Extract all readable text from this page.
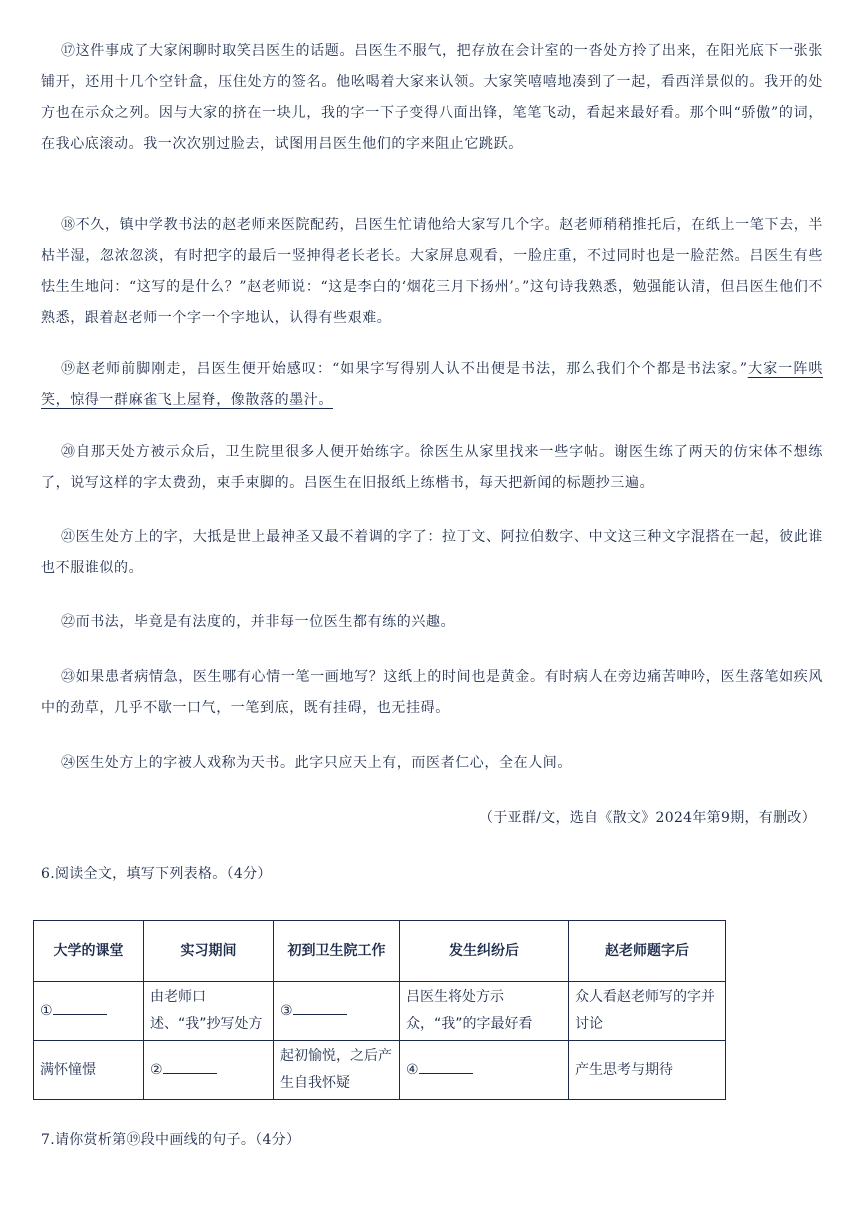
⑰这件事成了大家闲聊时取笑吕医生的话题。吕医生不服气，把存放在会计室的一沓处方拎了出来，在阳光底下一张张铺开，还用十几个空针盒，压住处方的签名。他吆喝着大家来认领。大家笑嘻嘻地凑到了一起，看西洋景似的。我开的处方也在示众之列。因与大家的挤在一块儿，我的字一下子变得八面出锋，笔笔飞动，看起来最好看。那个叫“骄傲”的词，在我心底滚动。我一次次别过脸去，试图用吕医生他们的字来阻止它跳跃。

⑱不久，镇中学教书法的赵老师来医院配药，吕医生忙请他给大家写几个字。赵老师稍稍推托后，在纸上一笔下去，半枯半湿，忽浓忽淡，有时把字的最后一竖抻得老长老长。大家屏息观看，一脸庄重，不过同时也是一脸茫然。吕医生有些怯生生地问：“这写的是什么？”赵老师说：“这是李白的‘烟花三月下扬州’。”这句诗我熟悉，勉强能认清，但吕医生他们不熟悉，跟着赵老师一个字一个字地认，认得有些艰难。

⑲赵老师前脚刚走，吕医生便开始感叹：“如果字写得别人认不出便是书法，那么我们个个都是书法家。”大家一阵哄笑，惊得一群麻雀飞上屋脊，像散落的墨汁。

⑳自那天处方被示众后，卫生院里很多人便开始练字。徐医生从家里找来一些字帖。谢医生练了两天的仿宋体不想练了，说写这样的字太费劲，束手束脚的。吕医生在旧报纸上练楷书，每天把新闻的标题抄三遍。

㉑医生处方上的字，大抵是世上最神圣又最不着调的字了：拉丁文、阿拉伯数字、中文这三种文字混搭在一起，彼此谁也不服谁似的。

㉒而书法，毕竟是有法度的，并非每一位医生都有练的兴趣。

㉓如果患者病情急，医生哪有心情一笔一画地写？这纸上的时间也是黄金。有时病人在旁边痛苦呻吟，医生落笔如疾风中的劲草，几乎不歇一口气，一笔到底，既有挂碍，也无挂碍。

㉔医生处方上的字被人戏称为天书。此字只应天上有，而医者仁心，全在人间。

（于亚群/文，选自《散文》2024年第9期，有删改）
6.阅读全文，填写下列表格。（4分）
大学的课堂	实习期间	初到卫生院工作	发生纠纷后	赵老师题字后
①	由老师口述、“我”抄写处方	③	吕医生将处方示众，“我”的字最好看	众人看赵老师写的字并讨论
满怀憧憬	②	起初愉悦，之后产生自我怀疑	④	产生思考与期待
7.请你赏析第⑲段中画线的句子。（4分）
